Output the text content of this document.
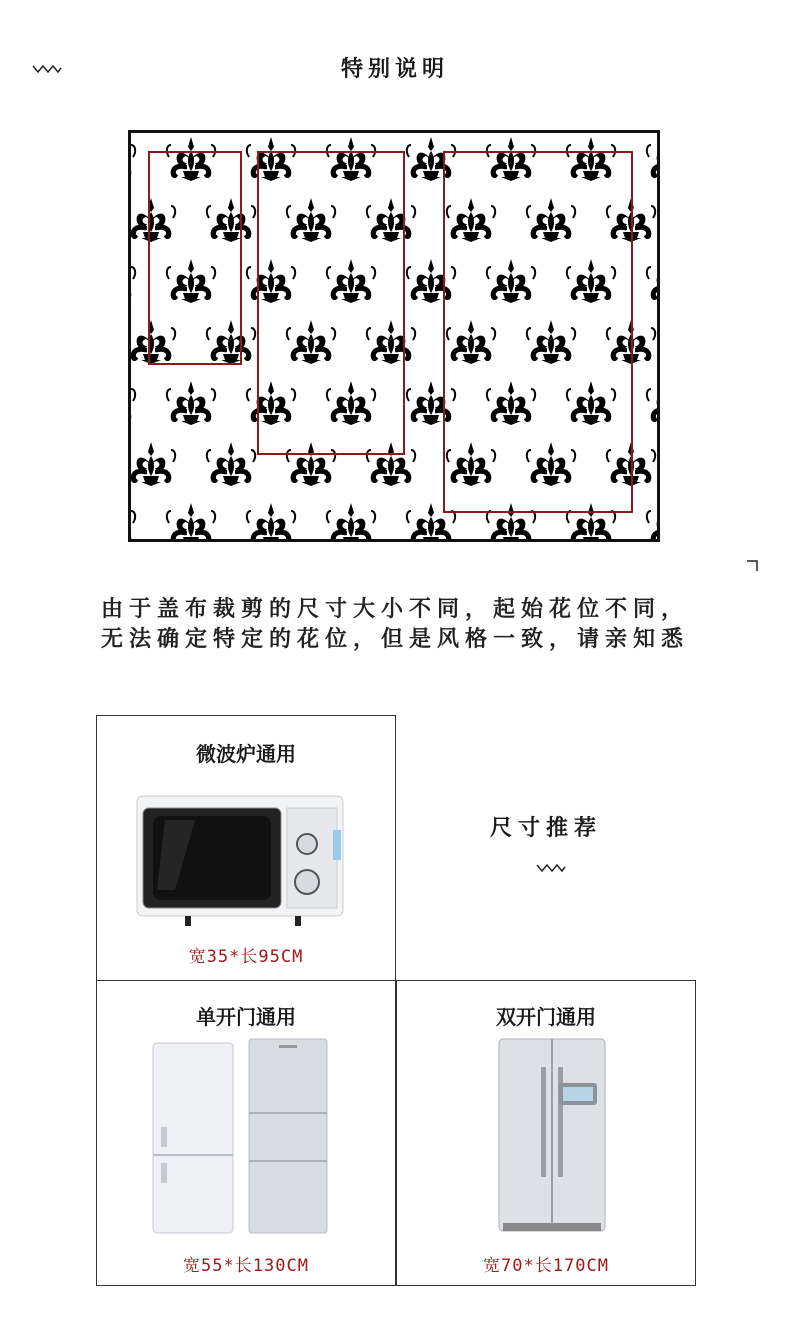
特别说明
由于盖布裁剪的尺寸大小不同，起始花位不同，
无法确定特定的花位，但是风格一致，请亲知悉
微波炉通用
宽35*长95CM
尺寸推荐
单开门通用
宽55*长130CM
双开门通用
宽70*长170CM
